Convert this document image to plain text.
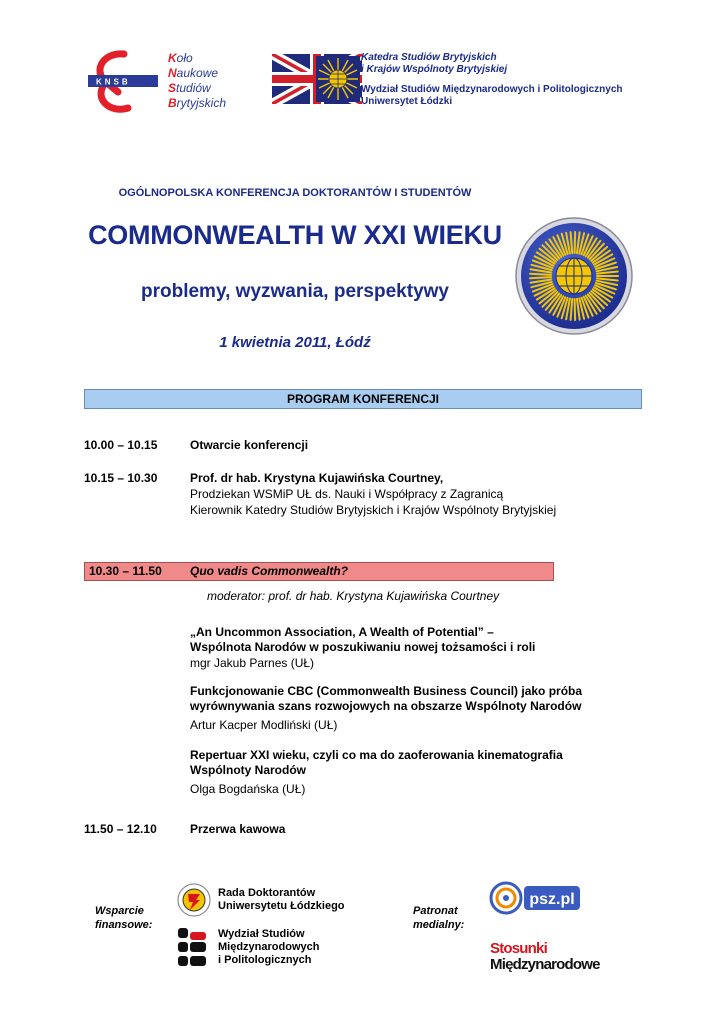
KNSB
Koło
Naukowe
Studiów
Brytyjskich
Katedra Studiów Brytyjskich
i Krajów Wspólnoty Brytyjskiej
Wydział Studiów Międzynarodowych i Politologicznych
Uniwersytet Łódzki
OGÓLNOPOLSKA KONFERENCJA DOKTORANTÓW I STUDENTÓW
COMMONWEALTH W XXI WIEKU
problemy, wyzwania, perspektywy
1 kwietnia 2011, Łódź
PROGRAM KONFERENCJI
10.00 – 10.15	Otwarcie konferencji
10.15 – 10.30	Prof. dr hab. Krystyna Kujawińska Courtney,
Prodziekan WSMiP UŁ ds. Nauki i Współpracy z Zagranicą
Kierownik Katedry Studiów Brytyjskich i Krajów Wspólnoty Brytyjskiej
10.30 – 11.50 Quo vadis Commonwealth?
moderator: prof. dr hab. Krystyna Kujawińska Courtney
„An Uncommon Association, A Wealth of Potential” –
Wspólnota Narodów w poszukiwaniu nowej tożsamości i roli
mgr Jakub Parnes (UŁ)
Funkcjonowanie CBC (Commonwealth Business Council) jako próba
wyrównywania szans rozwojowych na obszarze Wspólnoty Narodów
Artur Kacper Modliński (UŁ)
Repertuar XXI wieku, czyli co ma do zaoferowania kinematografia
Wspólnoty Narodów
Olga Bogdańska (UŁ)
11.50 – 12.10	Przerwa kawowa
Wsparcie
finansowe:
Rada Doktorantów
Uniwersytetu Łódzkiego
Wydział Studiów
Międzynarodowych
i Politologicznych
Patronat
medialny:
psz.pl
Stosunki
Międzynarodowe
